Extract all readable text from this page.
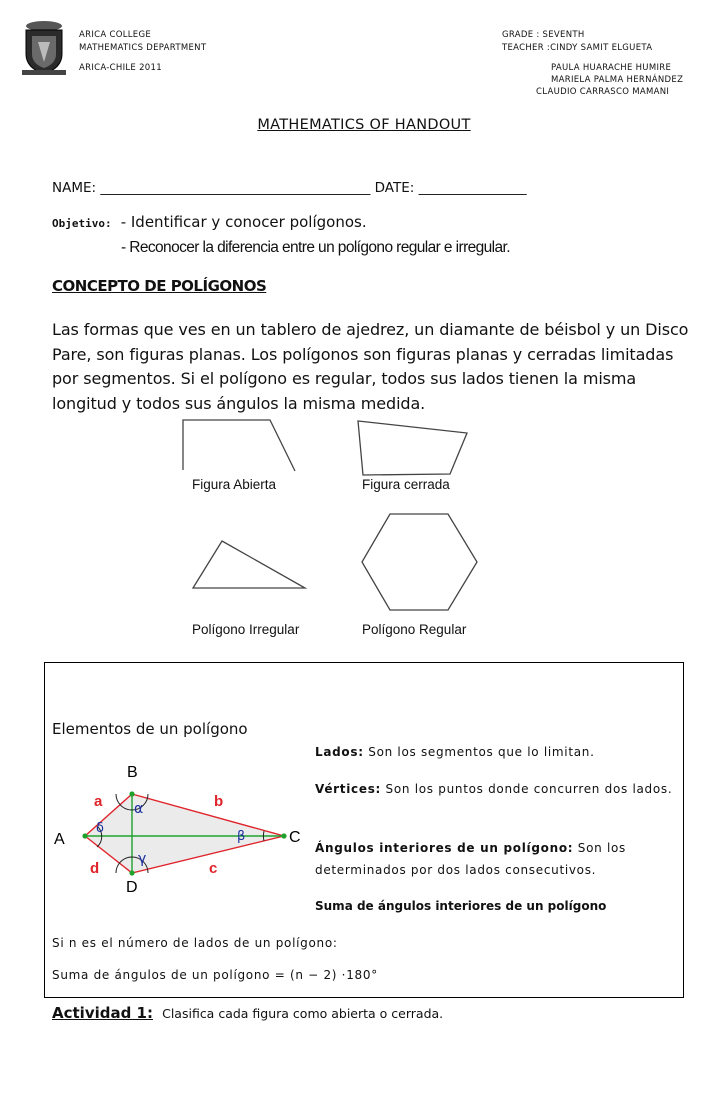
ARICA COLLEGE
MATHEMATICS DEPARTMENT
ARICA-CHILE 2011
GRADE : SEVENTH
TEACHER :CINDY SAMIT ELGUETA
PAULA HUARACHE HUMIRE
MARIELA PALMA HERNÁNDEZ
CLAUDIO CARRASCO MAMANI
MATHEMATICS OF HANDOUT
NAME: ________________________________________ DATE: ________________
Objetivo: - Identificar y conocer polígonos.
- Reconocer la diferencia entre un polígono regular e irregular.
CONCEPTO DE POLÍGONOS
Las formas que ves en un tablero de ajedrez, un diamante de béisbol y un Disco Pare, son figuras planas. Los polígonos son figuras planas y cerradas limitadas por segmentos. Si el polígono es regular, todos sus lados tienen la misma longitud y todos sus ángulos la misma medida.
Figura Abierta	Figura cerrada
Polígono Irregular	Polígono Regular
Elementos de un polígono
A
B
C
D
a	b
c
d
α
β
γ
δ
Lados: Son los segmentos que lo limitan.
Vértices: Son los puntos donde concurren dos lados.
Ángulos interiores de un polígono: Son los determinados por dos lados consecutivos.
Suma de ángulos interiores de un polígono
Si n es el número de lados de un polígono:
Suma de ángulos de un polígono = (n − 2) ·180°
Actividad 1: Clasifica cada figura como abierta o cerrada.
